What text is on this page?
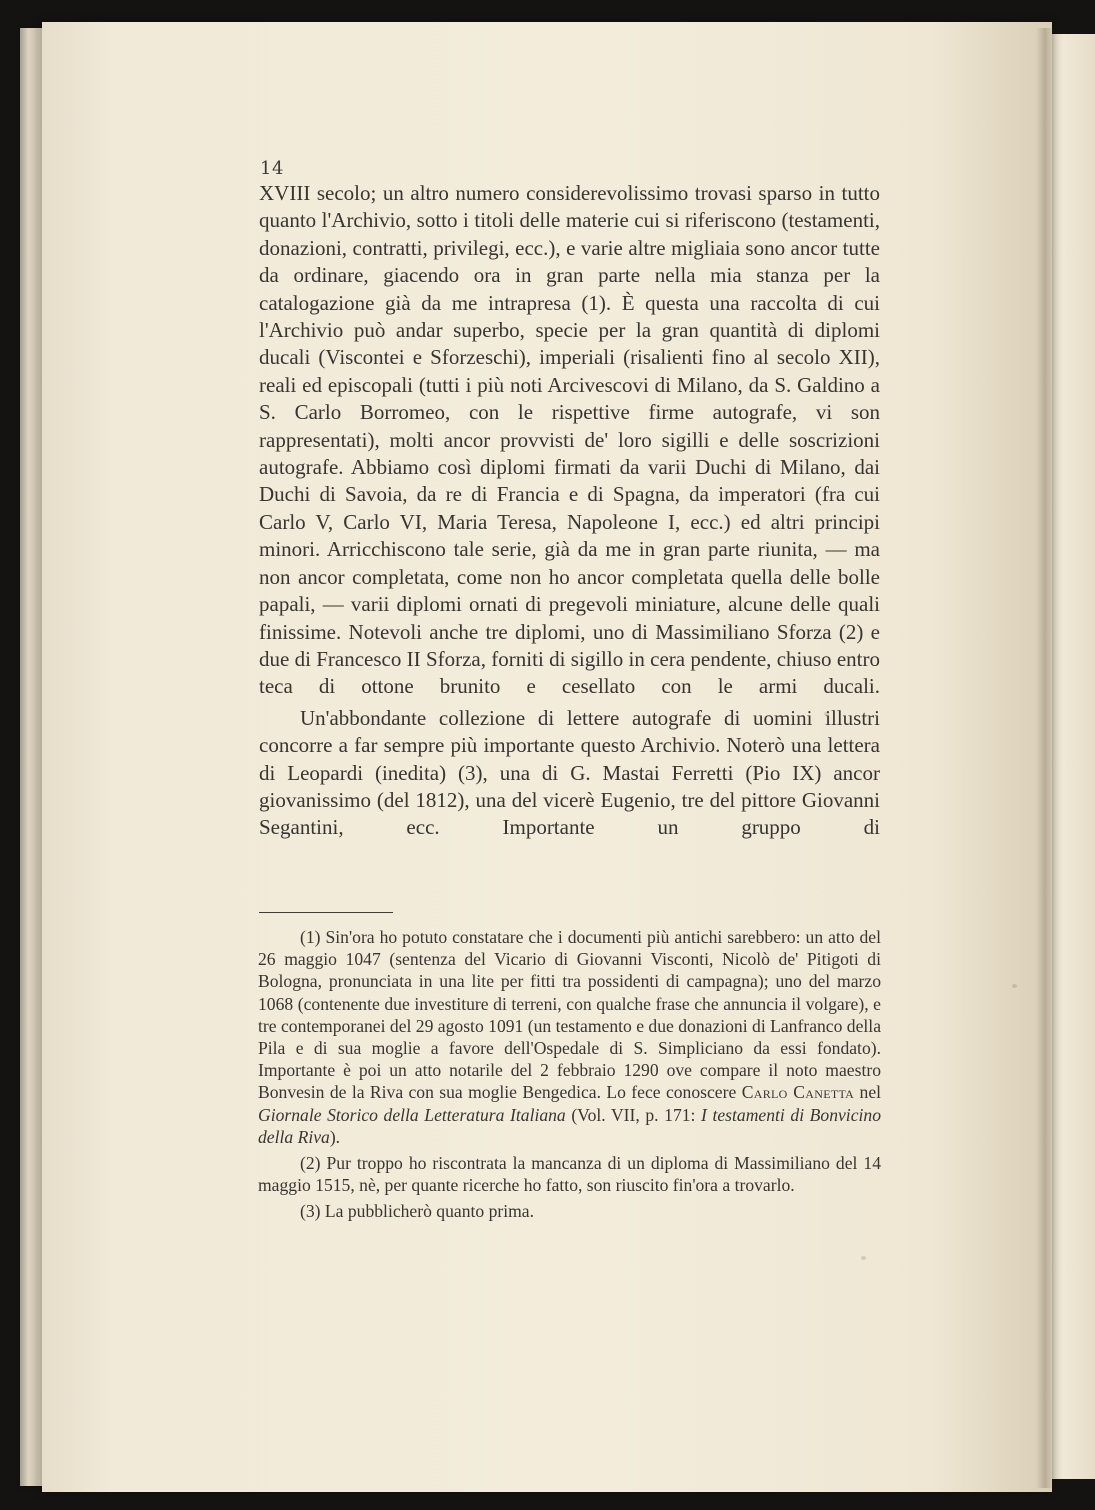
14

XVIII secolo; un altro numero considerevolissimo trovasi sparso in tutto quanto l'Archivio, sotto i titoli delle materie cui si riferiscono (testamenti, donazioni, contratti, privilegi, ecc.), e varie altre migliaia sono ancor tutte da ordinare, giacendo ora in gran parte nella mia stanza per la catalogazione già da me intrapresa (1). È questa una raccolta di cui l'Archivio può andar superbo, specie per la gran quantità di diplomi ducali (Viscontei e Sforzeschi), imperiali (risalienti fino al secolo XII), reali ed episcopali (tutti i più noti Arcivescovi di Milano, da S. Galdino a S. Carlo Borromeo, con le rispettive firme autografe, vi son rappresentati), molti ancor provvisti de' loro sigilli e delle soscrizioni autografe. Abbiamo così diplomi firmati da varii Duchi di Milano, dai Duchi di Savoia, da re di Francia e di Spagna, da imperatori (fra cui Carlo V, Carlo VI, Maria Teresa, Napoleone I, ecc.) ed altri principi minori. Arricchiscono tale serie, già da me in gran parte riunita, — ma non ancor completata, come non ho ancor completata quella delle bolle papali, — varii diplomi ornati di pregevoli miniature, alcune delle quali finissime. Notevoli anche tre diplomi, uno di Massimiliano Sforza (2) e due di Francesco II Sforza, forniti di sigillo in cera pendente, chiuso entro teca di ottone brunito e cesellato con le armi ducali.

Un'abbondante collezione di lettere autografe di uomini illustri concorre a far sempre più importante questo Archivio. Noterò una lettera di Leopardi (inedita) (3), una di G. Mastai Ferretti (Pio IX) ancor giovanissimo (del 1812), una del vicerè Eugenio, tre del pittore Giovanni Segantini, ecc. Importante un gruppo di

(1) Sin'ora ho potuto constatare che i documenti più antichi sarebbero: un atto del 26 maggio 1047 (sentenza del Vicario di Giovanni Visconti, Nicolò de' Pitigoti di Bologna, pronunciata in una lite per fitti tra possidenti di campagna); uno del marzo 1068 (contenente due investiture di terreni, con qualche frase che annuncia il volgare), e tre contemporanei del 29 agosto 1091 (un testamento e due donazioni di Lanfranco della Pila e di sua moglie a favore dell'Ospedale di S. Simpliciano da essi fondato). Importante è poi un atto notarile del 2 febbraio 1290 ove compare il noto maestro Bonvesin de la Riva con sua moglie Bengedica. Lo fece conoscere Carlo Canetta nel Giornale Storico della Letteratura Italiana (Vol. VII, p. 171: I testamenti di Bonvicino della Riva).

(2) Pur troppo ho riscontrata la mancanza di un diploma di Massimiliano del 14 maggio 1515, nè, per quante ricerche ho fatto, son riuscito fin'ora a trovarlo.

(3) La pubblicherò quanto prima.
